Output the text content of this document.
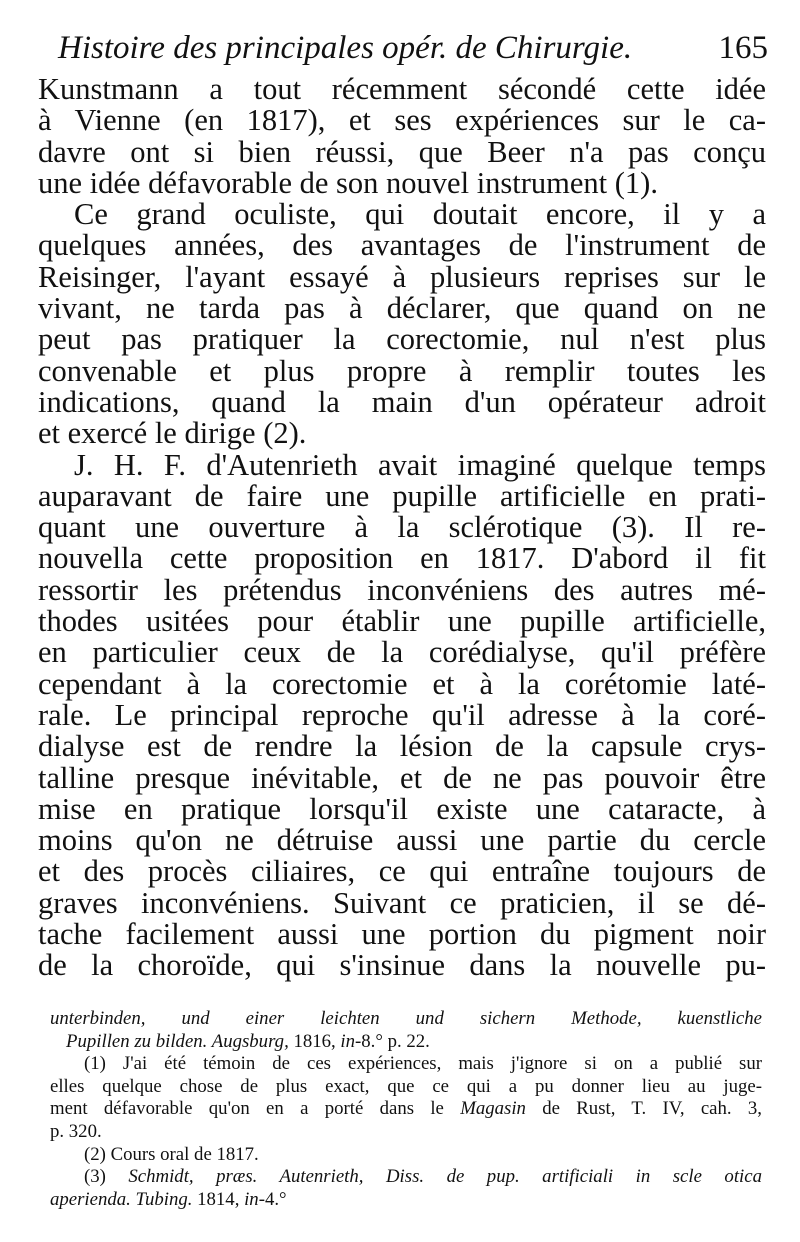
Histoire des principales opér. de Chirurgie.	165
Kunstmann a tout récemment sécondé cette idée
à Vienne (en 1817), et ses expériences sur le ca-
davre ont si bien réussi, que Beer n'a pas conçu
une idée défavorable de son nouvel instrument (1).
Ce grand oculiste, qui doutait encore, il y a
quelques années, des avantages de l'instrument de
Reisinger, l'ayant essayé à plusieurs reprises sur le
vivant, ne tarda pas à déclarer, que quand on ne
peut pas pratiquer la corectomie, nul n'est plus
convenable et plus propre à remplir toutes les
indications, quand la main d'un opérateur adroit
et exercé le dirige (2).
J. H. F. d'Autenrieth avait imaginé quelque temps
auparavant de faire une pupille artificielle en prati-
quant une ouverture à la sclérotique (3). Il re-
nouvella cette proposition en 1817. D'abord il fit
ressortir les prétendus inconvéniens des autres mé-
thodes usitées pour établir une pupille artificielle,
en particulier ceux de la corédialyse, qu'il préfère
cependant à la corectomie et à la corétomie laté-
rale. Le principal reproche qu'il adresse à la coré-
dialyse est de rendre la lésion de la capsule crys-
talline presque inévitable, et de ne pas pouvoir être
mise en pratique lorsqu'il existe une cataracte, à
moins qu'on ne détruise aussi une partie du cercle
et des procès ciliaires, ce qui entraîne toujours de
graves inconvéniens. Suivant ce praticien, il se dé-
tache facilement aussi une portion du pigment noir
de la choroïde, qui s'insinue dans la nouvelle pu-
unterbinden, und einer leichten und sichern Methode, kuenstliche
Pupillen zu bilden. Augsburg, 1816, in-8.° p. 22.
(1) J'ai été témoin de ces expériences, mais j'ignore si on a publié sur
elles quelque chose de plus exact, que ce qui a pu donner lieu au juge-
ment défavorable qu'on en a porté dans le Magasin de Rust, T. IV, cah. 3,
p. 320.
(2) Cours oral de 1817.
(3) Schmidt, præs. Autenrieth, Diss. de pup. artificiali in scle otica
aperienda. Tubing. 1814, in-4.°
